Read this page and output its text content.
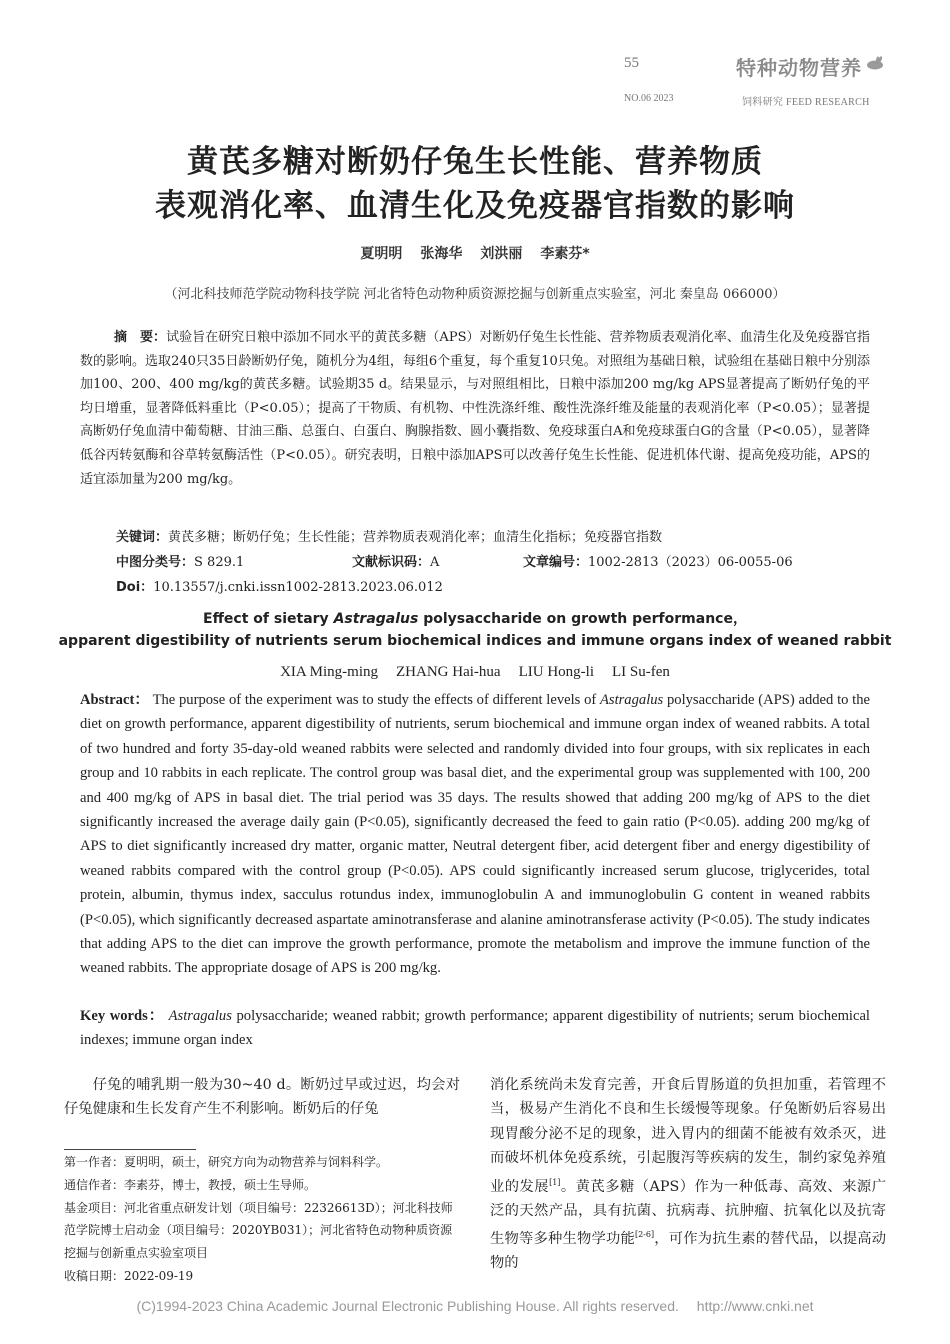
55	特种动物营养
NO.06 2023	饲料研究 FEED RESEARCH
黄芪多糖对断奶仔兔生长性能、营养物质
表观消化率、血清生化及免疫器官指数的影响
夏明明 张海华 刘洪丽 李素芬*
（河北科技师范学院动物科技学院 河北省特色动物种质资源挖掘与创新重点实验室，河北 秦皇岛 066000）
摘　要：试验旨在研究日粮中添加不同水平的黄芪多糖（APS）对断奶仔兔生长性能、营养物质表观消化率、血清生化及免疫器官指数的影响。选取240只35日龄断奶仔兔，随机分为4组，每组6个重复，每个重复10只兔。对照组为基础日粮，试验组在基础日粮中分别添加100、200、400 mg/kg的黄芪多糖。试验期35 d。结果显示，与对照组相比，日粮中添加200 mg/kg APS显著提高了断奶仔兔的平均日增重，显著降低料重比（P<0.05）；提高了干物质、有机物、中性洗涤纤维、酸性洗涤纤维及能量的表观消化率（P<0.05）；显著提高断奶仔兔血清中葡萄糖、甘油三酯、总蛋白、白蛋白、胸腺指数、圆小囊指数、免疫球蛋白A和免疫球蛋白G的含量（P<0.05），显著降低谷丙转氨酶和谷草转氨酶活性（P<0.05）。研究表明，日粮中添加APS可以改善仔兔生长性能、促进机体代谢、提高免疫功能，APS的适宜添加量为200 mg/kg。
关键词：黄芪多糖；断奶仔兔；生长性能；营养物质表观消化率；血清生化指标；免疫器官指数
中图分类号：S 829.1	文献标识码：A	文章编号：1002-2813（2023）06-0055-06
Doi：10.13557/j.cnki.issn1002-2813.2023.06.012
Effect of sietary Astragalus polysaccharide on growth performance，
apparent digestibility of nutrients serum biochemical indices and immune organs index of weaned rabbit
XIA Ming-ming ZHANG Hai-hua LIU Hong-li LI Su-fen
Abstract： The purpose of the experiment was to study the effects of different levels of Astragalus polysaccharide (APS) added to the diet on growth performance, apparent digestibility of nutrients, serum biochemical and immune organ index of weaned rabbits. A total of two hundred and forty 35-day-old weaned rabbits were selected and randomly divided into four groups, with six replicates in each group and 10 rabbits in each replicate. The control group was basal diet, and the experimental group was supplemented with 100, 200 and 400 mg/kg of APS in basal diet. The trial period was 35 days. The results showed that adding 200 mg/kg of APS to the diet significantly increased the average daily gain (P<0.05), significantly decreased the feed to gain ratio (P<0.05). adding 200 mg/kg of APS to diet significantly increased dry matter, organic matter, Neutral detergent fiber, acid detergent fiber and energy digestibility of weaned rabbits compared with the control group (P<0.05). APS could significantly increased serum glucose, triglycerides, total protein, albumin, thymus index, sacculus rotundus index, immunoglobulin A and immunoglobulin G content in weaned rabbits (P<0.05), which significantly decreased aspartate aminotransferase and alanine aminotransferase activity (P<0.05). The study indicates that adding APS to the diet can improve the growth performance, promote the metabolism and improve the immune function of the weaned rabbits. The appropriate dosage of APS is 200 mg/kg.
Key words： Astragalus polysaccharide; weaned rabbit; growth performance; apparent digestibility of nutrients; serum biochemical indexes; immune organ index
仔兔的哺乳期一般为30~40 d。断奶过早或过迟，均会对仔兔健康和生长发育产生不利影响。断奶后的仔兔
消化系统尚未发育完善，开食后胃肠道的负担加重，若管理不当，极易产生消化不良和生长缓慢等现象。仔兔断奶后容易出现胃酸分泌不足的现象，进入胃内的细菌不能被有效杀灭，进而破坏机体免疫系统，引起腹泻等疾病的发生，制约家兔养殖业的发展[1]。黄芪多糖（APS）作为一种低毒、高效、来源广泛的天然产品，具有抗菌、抗病毒、抗肿瘤、抗氧化以及抗寄生物等多种生物学功能[2-6]，可作为抗生素的替代品，以提高动物的
第一作者：夏明明，硕士，研究方向为动物营养与饲料科学。
通信作者：李素芬，博士，教授，硕士生导师。
基金项目：河北省重点研发计划（项目编号：22326613D）；河北科技师范学院博士启动金（项目编号：2020YB031）；河北省特色动物种质资源挖掘与创新重点实验室项目
收稿日期：2022-09-19
(C)1994-2023 China Academic Journal Electronic Publishing House. All rights reserved.　 http://www.cnki.net
